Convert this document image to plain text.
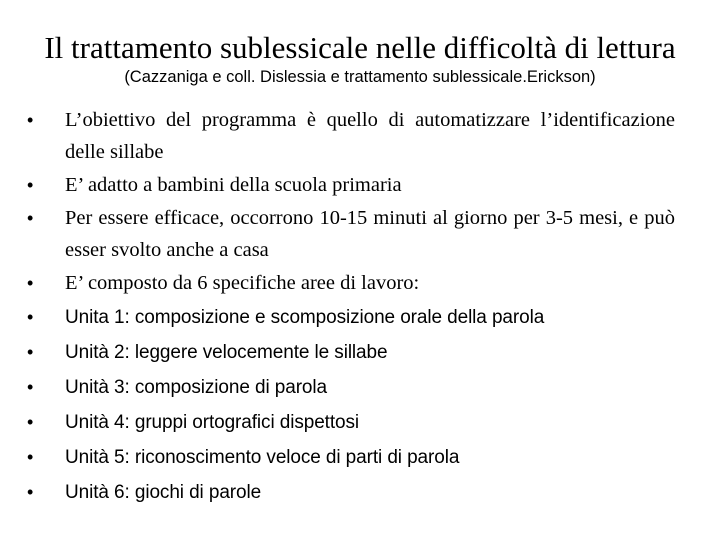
Il trattamento sublessicale nelle difficoltà di lettura
(Cazzaniga e coll. Dislessia e trattamento sublessicale.Erickson)
• L’obiettivo del programma è quello di automatizzare l’identificazione delle sillabe
• E’ adatto a bambini della scuola primaria
• Per essere efficace, occorrono 10-15 minuti al giorno per 3-5 mesi, e può esser svolto anche a casa
• E’ composto da 6 specifiche aree di lavoro:
• Unita 1: composizione e scomposizione orale della parola
• Unità 2: leggere velocemente le sillabe
• Unità 3: composizione di parola
• Unità 4: gruppi ortografici dispettosi
• Unità 5: riconoscimento veloce di parti di parola
• Unità 6: giochi di parole
